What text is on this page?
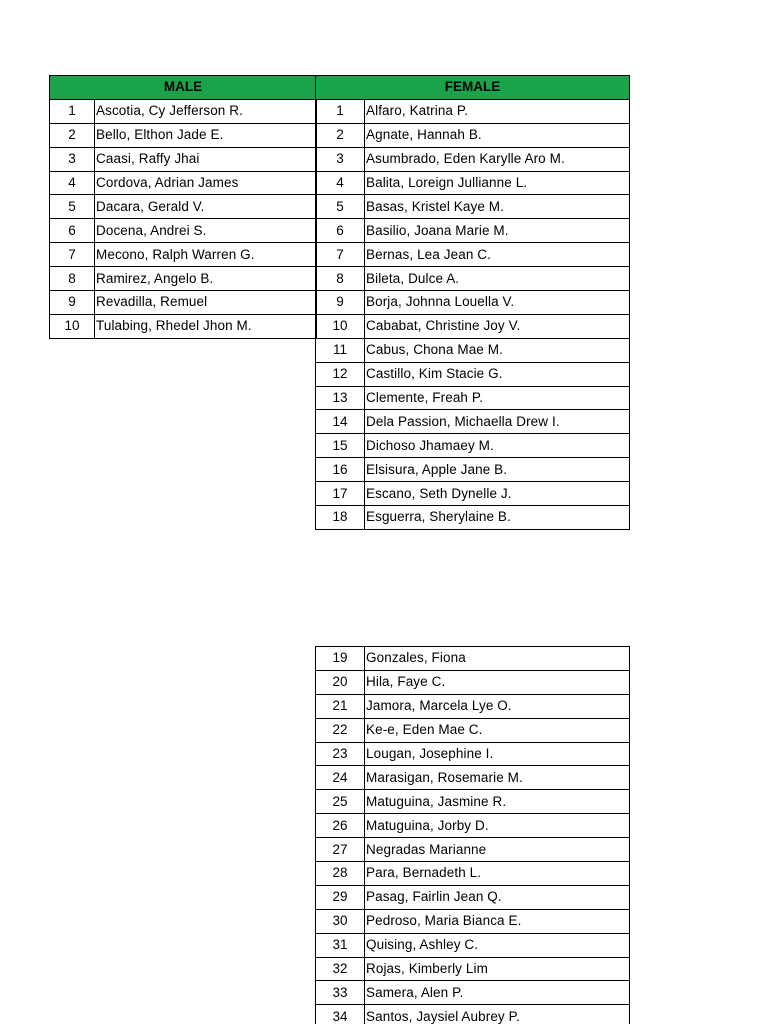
MALE	
1	Ascotia, Cy Jefferson R.
2	Bello, Elthon Jade E.
3	Caasi, Raffy Jhai
4	Cordova, Adrian James
5	Dacara, Gerald V.
6	Docena, Andrei S.
7	Mecono, Ralph Warren G.
8	Ramirez, Angelo B.
9	Revadilla, Remuel
10	Tulabing, Rhedel Jhon M.
FEMALE	
1	Alfaro, Katrina P.
2	Agnate, Hannah B.
3	Asumbrado, Eden Karylle Aro M.
4	Balita, Loreign Jullianne L.
5	Basas, Kristel Kaye M.
6	Basilio, Joana Marie M.
7	Bernas, Lea Jean C.
8	Bileta, Dulce A.
9	Borja, Johnna Louella V.
10	Cababat, Christine Joy V.
11	Cabus, Chona Mae M.
12	Castillo, Kim Stacie G.
13	Clemente, Freah P.
14	Dela Passion, Michaella Drew I.
15	Dichoso Jhamaey M.
16	Elsisura, Apple Jane B.
17	Escano, Seth Dynelle J.
18	Esguerra, Sherylaine B.
19	Gonzales, Fiona
20	Hila, Faye C.
21	Jamora, Marcela Lye O.
22	Ke-e, Eden Mae C.
23	Lougan, Josephine I.
24	Marasigan, Rosemarie M.
25	Matuguina, Jasmine R.
26	Matuguina, Jorby D.
27	Negradas Marianne
28	Para, Bernadeth L.
29	Pasag, Fairlin Jean Q.
30	Pedroso, Maria Bianca E.
31	Quising, Ashley C.
32	Rojas, Kimberly Lim
33	Samera, Alen P.
34	Santos, Jaysiel Aubrey P.
